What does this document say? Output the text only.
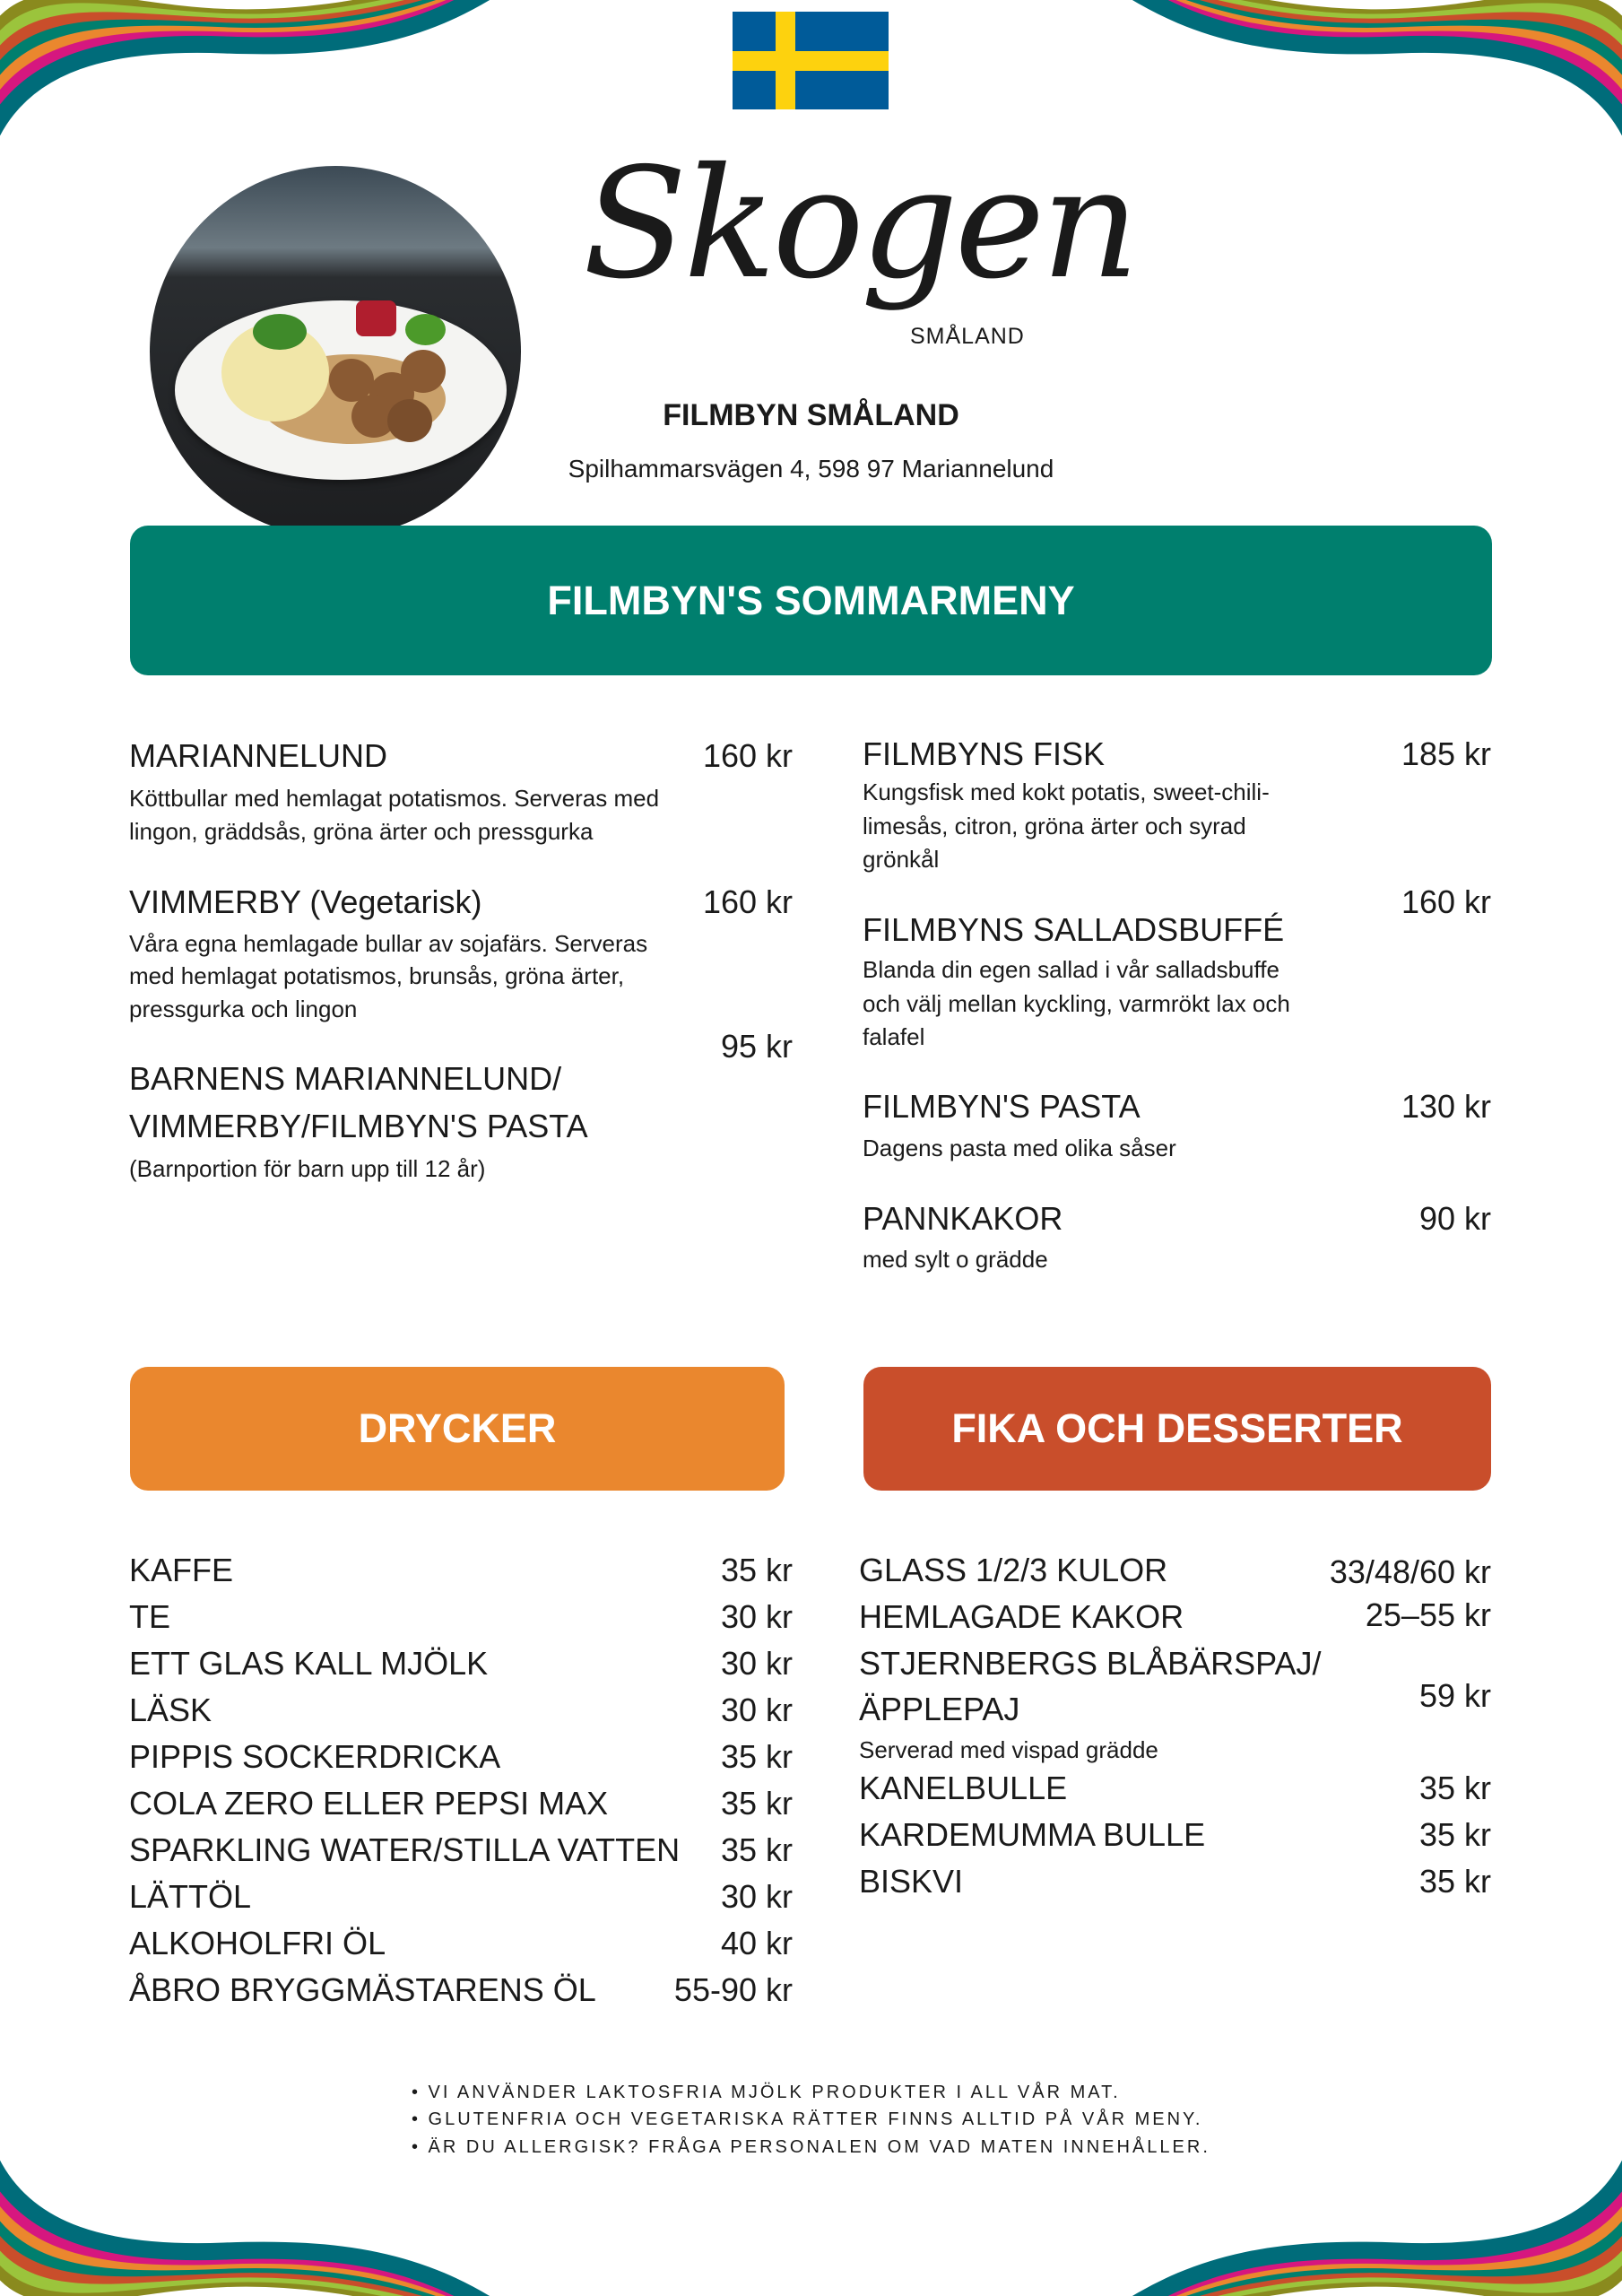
Skogen
SMÅLAND
FILMBYN SMÅLAND
Spilhammarsvägen 4, 598 97 Mariannelund
FILMBYN'S SOMMARMENY
DRYCKER	FIKA OCH DESSERTER
MARIANNELUND	160 kr
Köttbullar med hemlagat potatismos. Serveras med
lingon, gräddsås, gröna ärter och pressgurka
VIMMERBY (Vegetarisk)	160 kr
Våra egna hemlagade bullar av sojafärs. Serveras
med hemlagat potatismos, brunsås, gröna ärter,
pressgurka och lingon
BARNENS MARIANNELUND/
VIMMERBY/FILMBYN'S PASTA
95 kr
(Barnportion för barn upp till 12 år)
FILMBYNS FISK	185 kr
Kungsfisk med kokt potatis, sweet-chili-
limesås, citron, gröna ärter och syrad
grönkål
FILMBYNS SALLADSBUFFÉ
160 kr
Blanda din egen sallad i vår salladsbuffe
och välj mellan kyckling, varmrökt lax och
falafel
FILMBYN'S PASTA	130 kr
Dagens pasta med olika såser
PANNKAKOR	90 kr
med sylt o grädde
KAFFE	35 kr
TE	30 kr
ETT GLAS KALL MJÖLK	30 kr
LÄSK	30 kr
PIPPIS SOCKERDRICKA	35 kr
COLA ZERO ELLER PEPSI MAX	35 kr
SPARKLING WATER/STILLA VATTEN 35 kr
LÄTTÖL	30 kr
ALKOHOLFRI ÖL	40 kr
ÅBRO BRYGGMÄSTARENS ÖL 55-90 kr
GLASS 1/2/3 KULOR	33/48/60 kr
HEMLAGADE KAKOR	25–55 kr
STJERNBERGS BLÅBÄRSPAJ/
ÄPPLEPAJ	59 kr
Serverad med vispad grädde
KANELBULLE	35 kr
KARDEMUMMA BULLE	35 kr
BISKVI	35 kr
• VI ANVÄNDER LAKTOSFRIA MJÖLK PRODUKTER I ALL VÅR MAT.
• GLUTENFRIA OCH VEGETARISKA RÄTTER FINNS ALLTID PÅ VÅR MENY.
• ÄR DU ALLERGISK? FRÅGA PERSONALEN OM VAD MATEN INNEHÅLLER.
